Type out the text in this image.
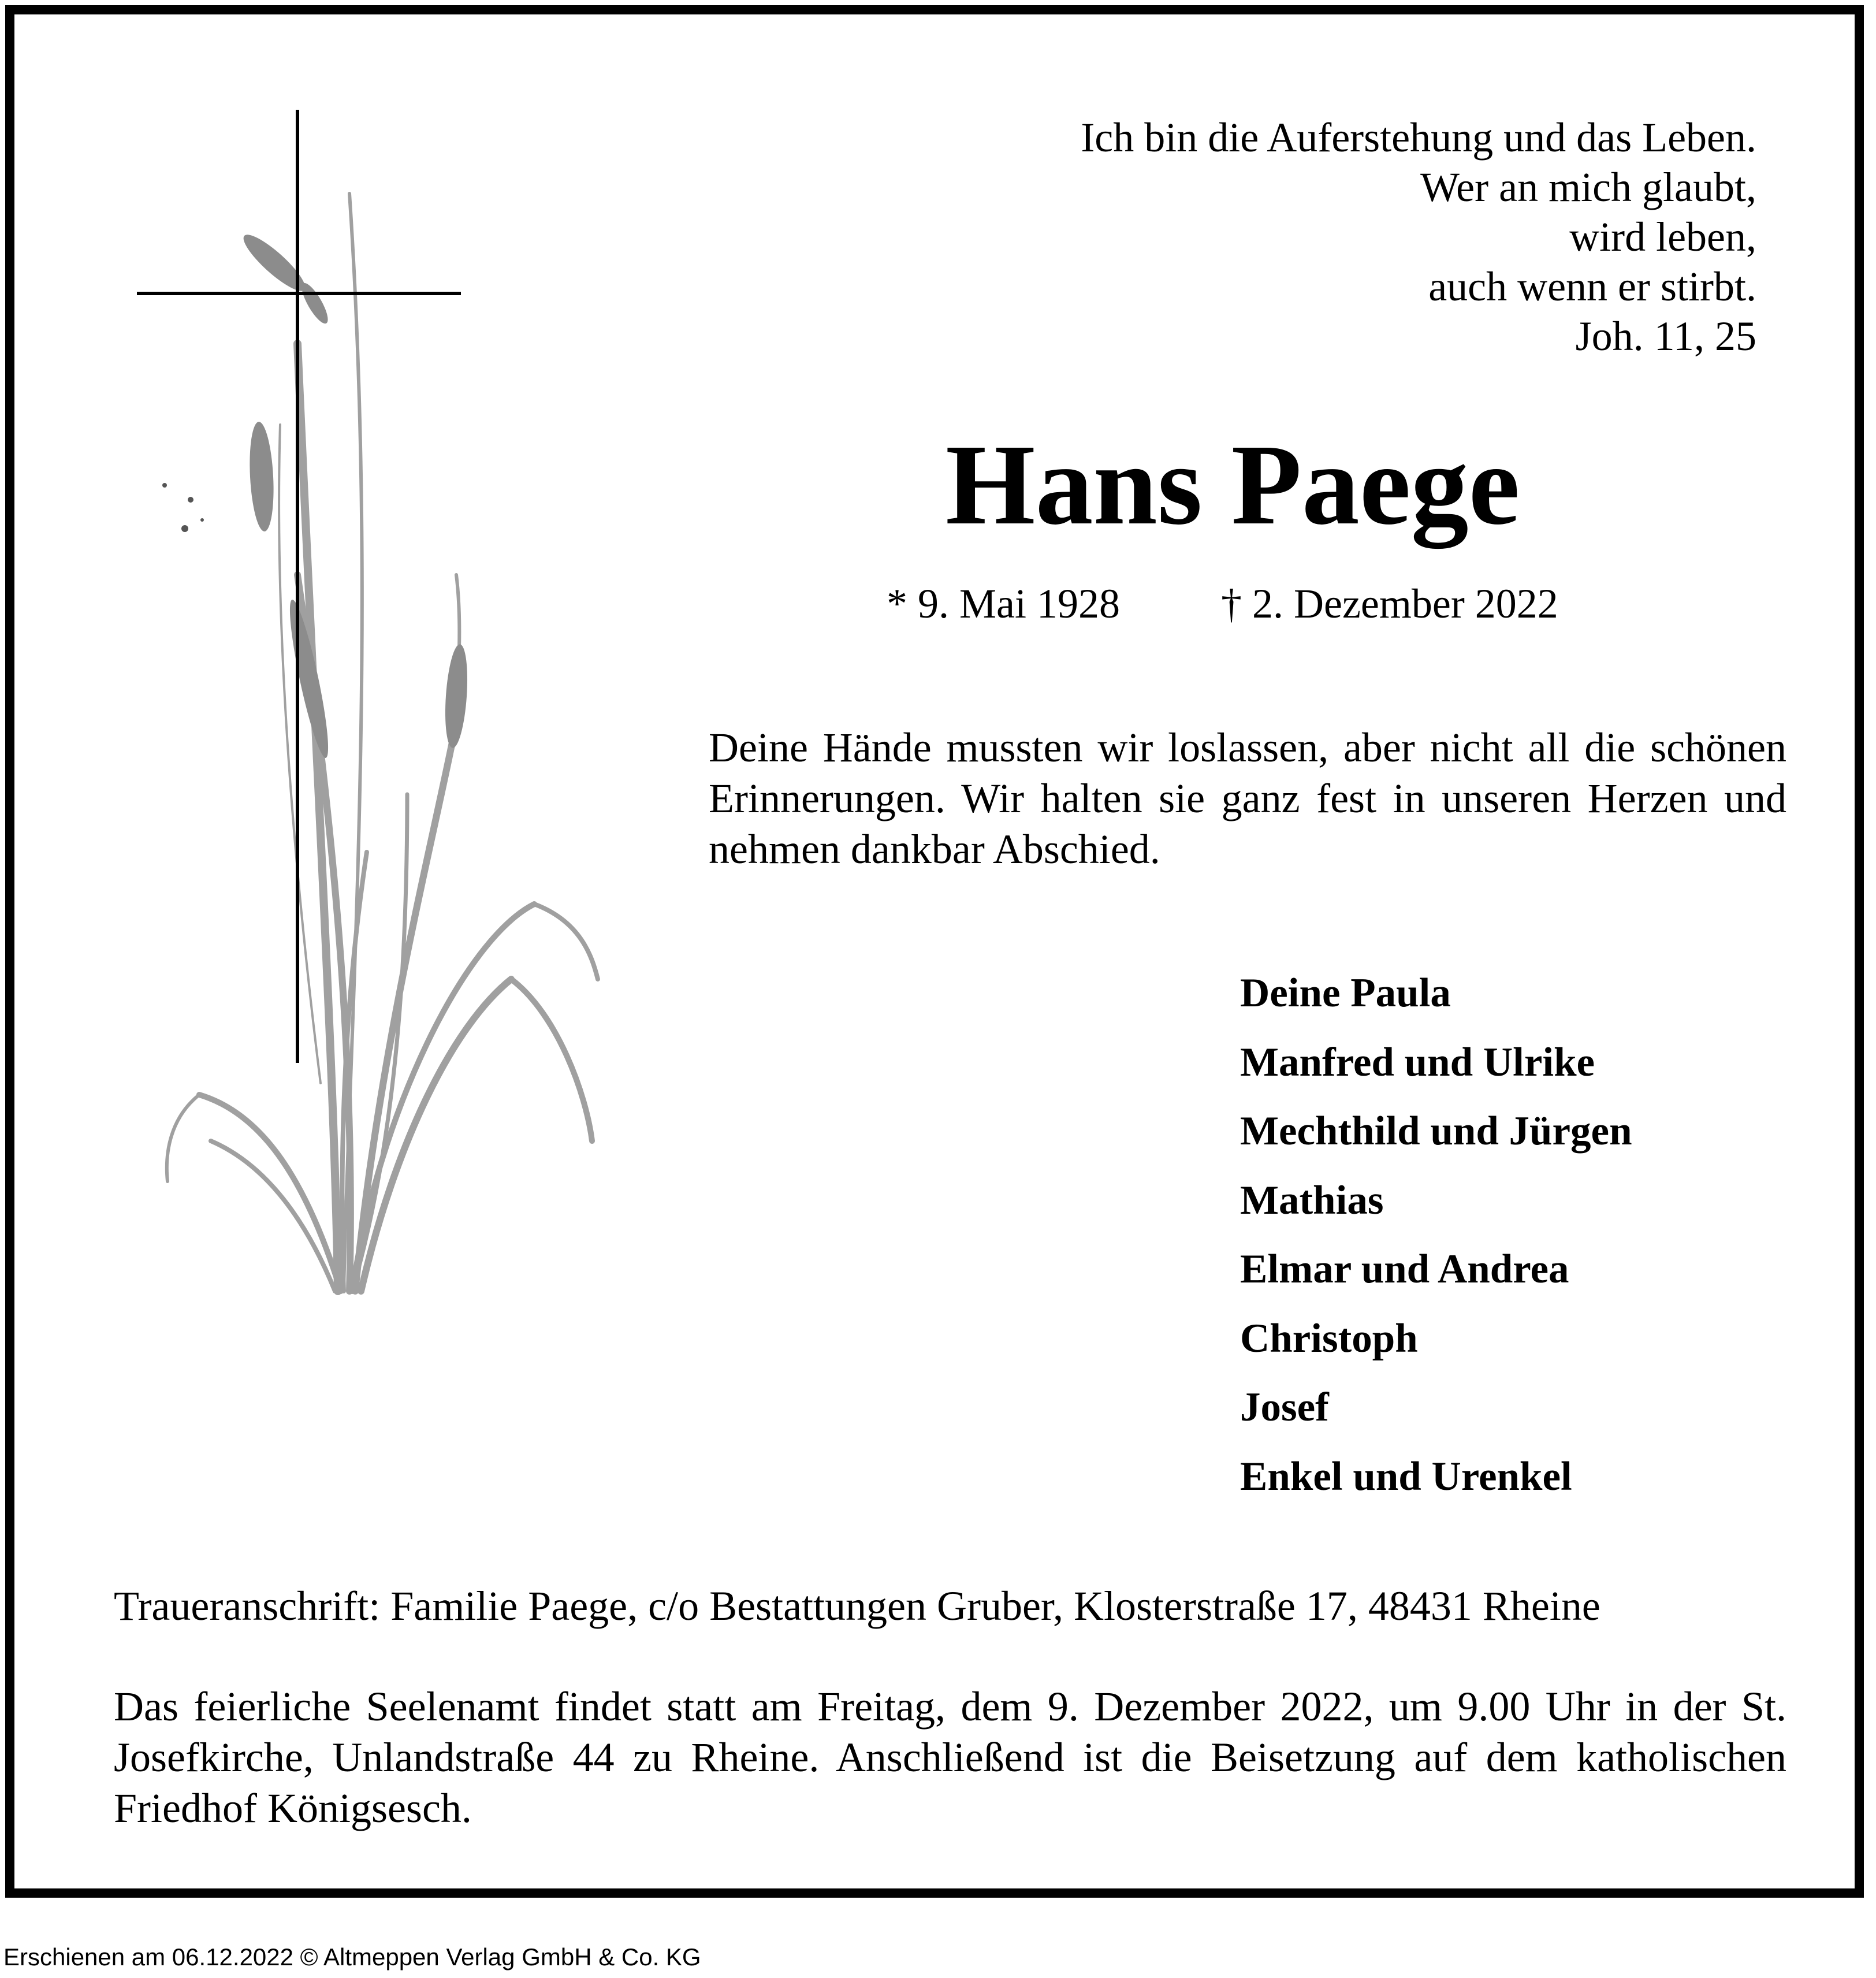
Ich bin die Auferstehung und das Leben.
Wer an mich glaubt,
wird leben,
auch wenn er stirbt.
Joh. 11, 25
Hans Paege
* 9. Mai 1928 † 2. Dezember 2022
Deine Hände mussten wir loslassen, aber nicht all die schönen Erinnerungen. Wir halten sie ganz fest in unseren Herzen und nehmen dankbar Abschied.
Deine Paula
Manfred und Ulrike
Mechthild und Jürgen
Mathias
Elmar und Andrea
Christoph
Josef
Enkel und Urenkel
Traueranschrift: Familie Paege, c/o Bestattungen Gruber, Klosterstraße 17, 48431 Rheine
Das feierliche Seelenamt findet statt am Freitag, dem 9. Dezember 2022, um 9.00 Uhr in der St. Josefkirche, Unlandstraße 44 zu Rheine. Anschließend ist die Beisetzung auf dem katholischen Friedhof Königsesch.
Erschienen am 06.12.2022 © Altmeppen Verlag GmbH & Co. KG
